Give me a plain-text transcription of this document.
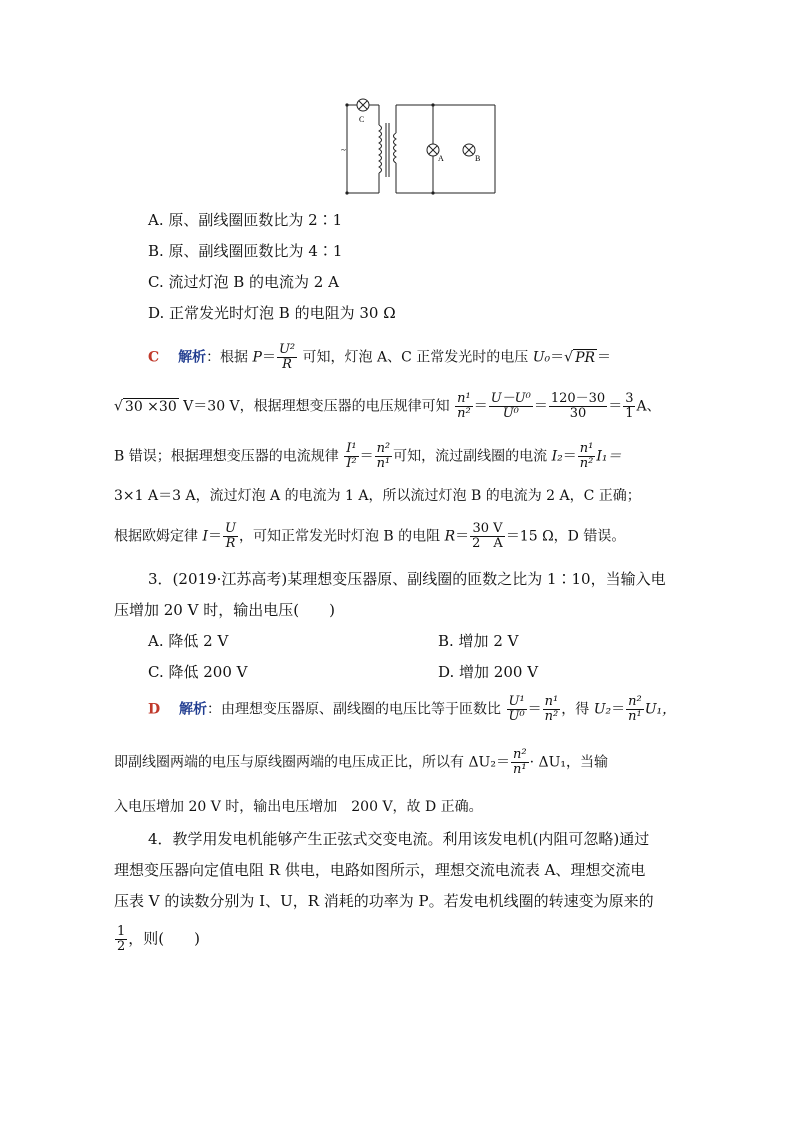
C
A	B
~
A. 原、副线圈匝数比为 2∶1
B. 原、副线圈匝数比为 4∶1
C. 流过灯泡 B 的电流为 2 A
D. 正常发光时灯泡 B 的电阻为 30 Ω
C 解析：根据 $P= \frac{\text{U²}}{R}$ 可知，灯泡 A、C 正常发光时的电压 U₀＝√ PR ＝
√ 30 ×30 V＝30 V，根据理想变压器的电压规律可知 $\frac{\text{n¹}}{\text{n²}} = \frac{\text{U－U⁰}}{\text{U⁰}} = \frac{120-30}{30} = \frac{3}{1}$ A、
B 错误；根据理想变压器的电流规律 $\frac{\text{I¹}}{\text{I²}} = \frac{\text{n²}}{\text{n¹}}$ 可知，流过副线圈的电流 $I_2= \frac{\text{n¹}}{\text{n²}} I_1=$
3×1 A＝3 A，流过灯泡 A 的电流为 1 A，所以流过灯泡 B 的电流为 2 A，C 正确；
根据欧姆定律 $I= \frac{U}{R}$ ，可知正常发光时灯泡 B 的电阻 $R= \frac{30 V}{2 A} =15$ Ω，D 错误。
3．(2019·江苏高考)某理想变压器原、副线圈的匝数之比为 1∶10，当输入电
压增加 20 V 时，输出电压(　　)
A. 降低 2 V	B. 增加 2 V
C. 降低 200 V	D. 增加 200 V
D 解析：由理想变压器原、副线圈的电压比等于匝数比 $\frac{\text{U¹}}{\text{U⁰}} = \frac{\text{n¹}}{\text{n²}}$ ，得 $U_2= \frac{\text{n²}}{\text{n¹}} U_1$，
即副线圈两端的电压与原线圈两端的电压成正比，所以有 $\Delta U_2= \frac{\text{n²}}{\text{n¹}} \cdot \Delta U_1$，当输
入电压增加 20 V 时，输出电压增加　200 V，故 D 正确。
4．教学用发电机能够产生正弦式交变电流。利用该发电机(内阻可忽略)通过
理想变压器向定值电阻 R 供电，电路如图所示，理想交流电流表 A、理想交流电
压表 V 的读数分别为 I、U，R 消耗的功率为 P。若发电机线圈的转速变为原来的
$\frac{1}{2}$ ，则(　　)
